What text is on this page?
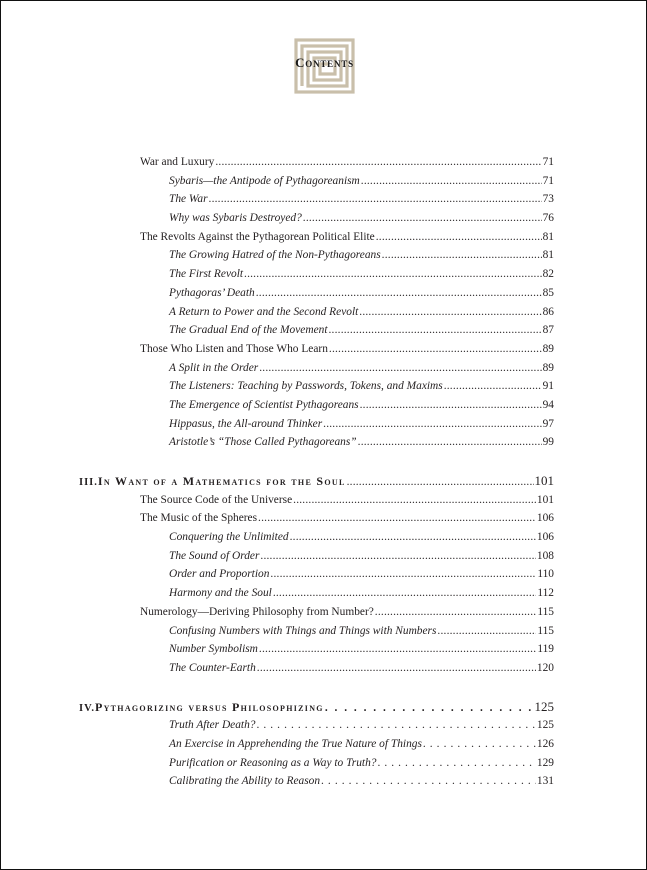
Contents
War and Luxury .....	71
Sybaris—the Antipode of Pythagoreanism .....	71
The War .....	73
Why was Sybaris Destroyed? .....	76
The Revolts Against the Pythagorean Political Elite .....	81
The Growing Hatred of the Non-Pythagoreans .....	81
The First Revolt .....	82
Pythagoras’ Death .....	85
A Return to Power and the Second Revolt .....	86
The Gradual End of the Movement .....	87
Those Who Listen and Those Who Learn .....	89
A Split in the Order .....	89
The Listeners: Teaching by Passwords, Tokens, and Maxims .....	91
The Emergence of Scientist Pythagoreans .....	94
Hippasus, the All-around Thinker .....	97
Aristotle’s “Those Called Pythagoreans” .....	99
III. In Want of a Mathematics for the Soul .....	101
The Source Code of the Universe .....	101
The Music of the Spheres .....	106
Conquering the Unlimited .....	106
The Sound of Order .....	108
Order and Proportion .....	110
Harmony and the Soul .....	112
Numerology—Deriving Philosophy from Number? .....	115
Confusing Numbers with Things and Things with Numbers .....	115
Number Symbolism .....	119
The Counter-Earth .....	120
IV. Pythagorizing versus Philosophizing . . .	125
Truth After Death? . . .	125
An Exercise in Apprehending the True Nature of Things . . .	126
Purification or Reasoning as a Way to Truth? . . .	129
Calibrating the Ability to Reason . . .	131
